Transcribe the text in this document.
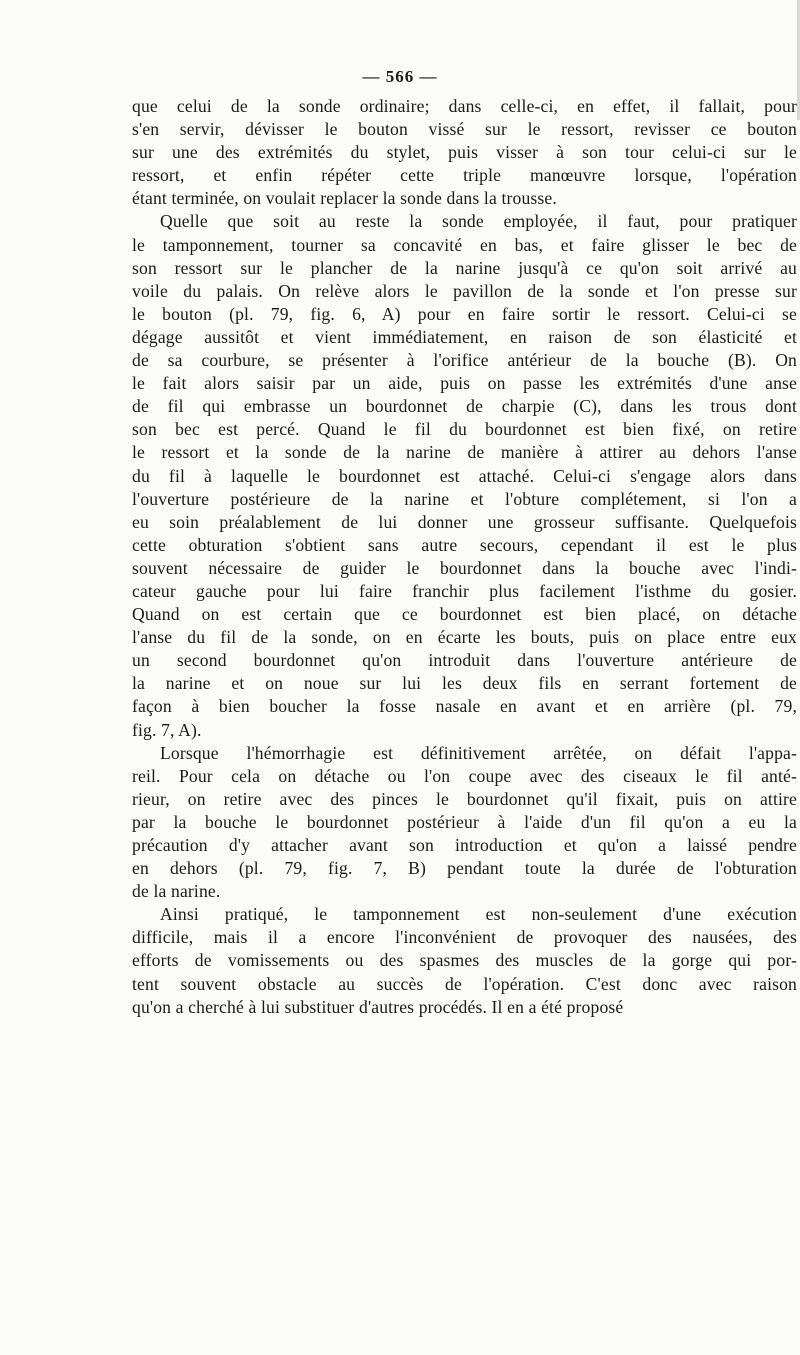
— 566 —
que celui de la sonde ordinaire; dans celle-ci, en effet, il fallait, pour
s'en servir, dévisser le bouton vissé sur le ressort, revisser ce bouton
sur une des extrémités du stylet, puis visser à son tour celui-ci sur le
ressort, et enfin répéter cette triple manœuvre lorsque, l'opération
étant terminée, on voulait replacer la sonde dans la trousse.
Quelle que soit au reste la sonde employée, il faut, pour pratiquer
le tamponnement, tourner sa concavité en bas, et faire glisser le bec de
son ressort sur le plancher de la narine jusqu'à ce qu'on soit arrivé au
voile du palais. On relève alors le pavillon de la sonde et l'on presse sur
le bouton (pl. 79, fig. 6, A) pour en faire sortir le ressort. Celui-ci se
dégage aussitôt et vient immédiatement, en raison de son élasticité et
de sa courbure, se présenter à l'orifice antérieur de la bouche (B). On
le fait alors saisir par un aide, puis on passe les extrémités d'une anse
de fil qui embrasse un bourdonnet de charpie (C), dans les trous dont
son bec est percé. Quand le fil du bourdonnet est bien fixé, on retire
le ressort et la sonde de la narine de manière à attirer au dehors l'anse
du fil à laquelle le bourdonnet est attaché. Celui-ci s'engage alors dans
l'ouverture postérieure de la narine et l'obture complétement, si l'on a
eu soin préalablement de lui donner une grosseur suffisante. Quelquefois
cette obturation s'obtient sans autre secours, cependant il est le plus
souvent nécessaire de guider le bourdonnet dans la bouche avec l'indi-
cateur gauche pour lui faire franchir plus facilement l'isthme du gosier.
Quand on est certain que ce bourdonnet est bien placé, on détache
l'anse du fil de la sonde, on en écarte les bouts, puis on place entre eux
un second bourdonnet qu'on introduit dans l'ouverture antérieure de
la narine et on noue sur lui les deux fils en serrant fortement de
façon à bien boucher la fosse nasale en avant et en arrière (pl. 79,
fig. 7, A).
Lorsque l'hémorrhagie est définitivement arrêtée, on défait l'appa-
reil. Pour cela on détache ou l'on coupe avec des ciseaux le fil anté-
rieur, on retire avec des pinces le bourdonnet qu'il fixait, puis on attire
par la bouche le bourdonnet postérieur à l'aide d'un fil qu'on a eu la
précaution d'y attacher avant son introduction et qu'on a laissé pendre
en dehors (pl. 79, fig. 7, B) pendant toute la durée de l'obturation
de la narine.
Ainsi pratiqué, le tamponnement est non-seulement d'une exécution
difficile, mais il a encore l'inconvénient de provoquer des nausées, des
efforts de vomissements ou des spasmes des muscles de la gorge qui por-
tent souvent obstacle au succès de l'opération. C'est donc avec raison
qu'on a cherché à lui substituer d'autres procédés. Il en a été proposé
